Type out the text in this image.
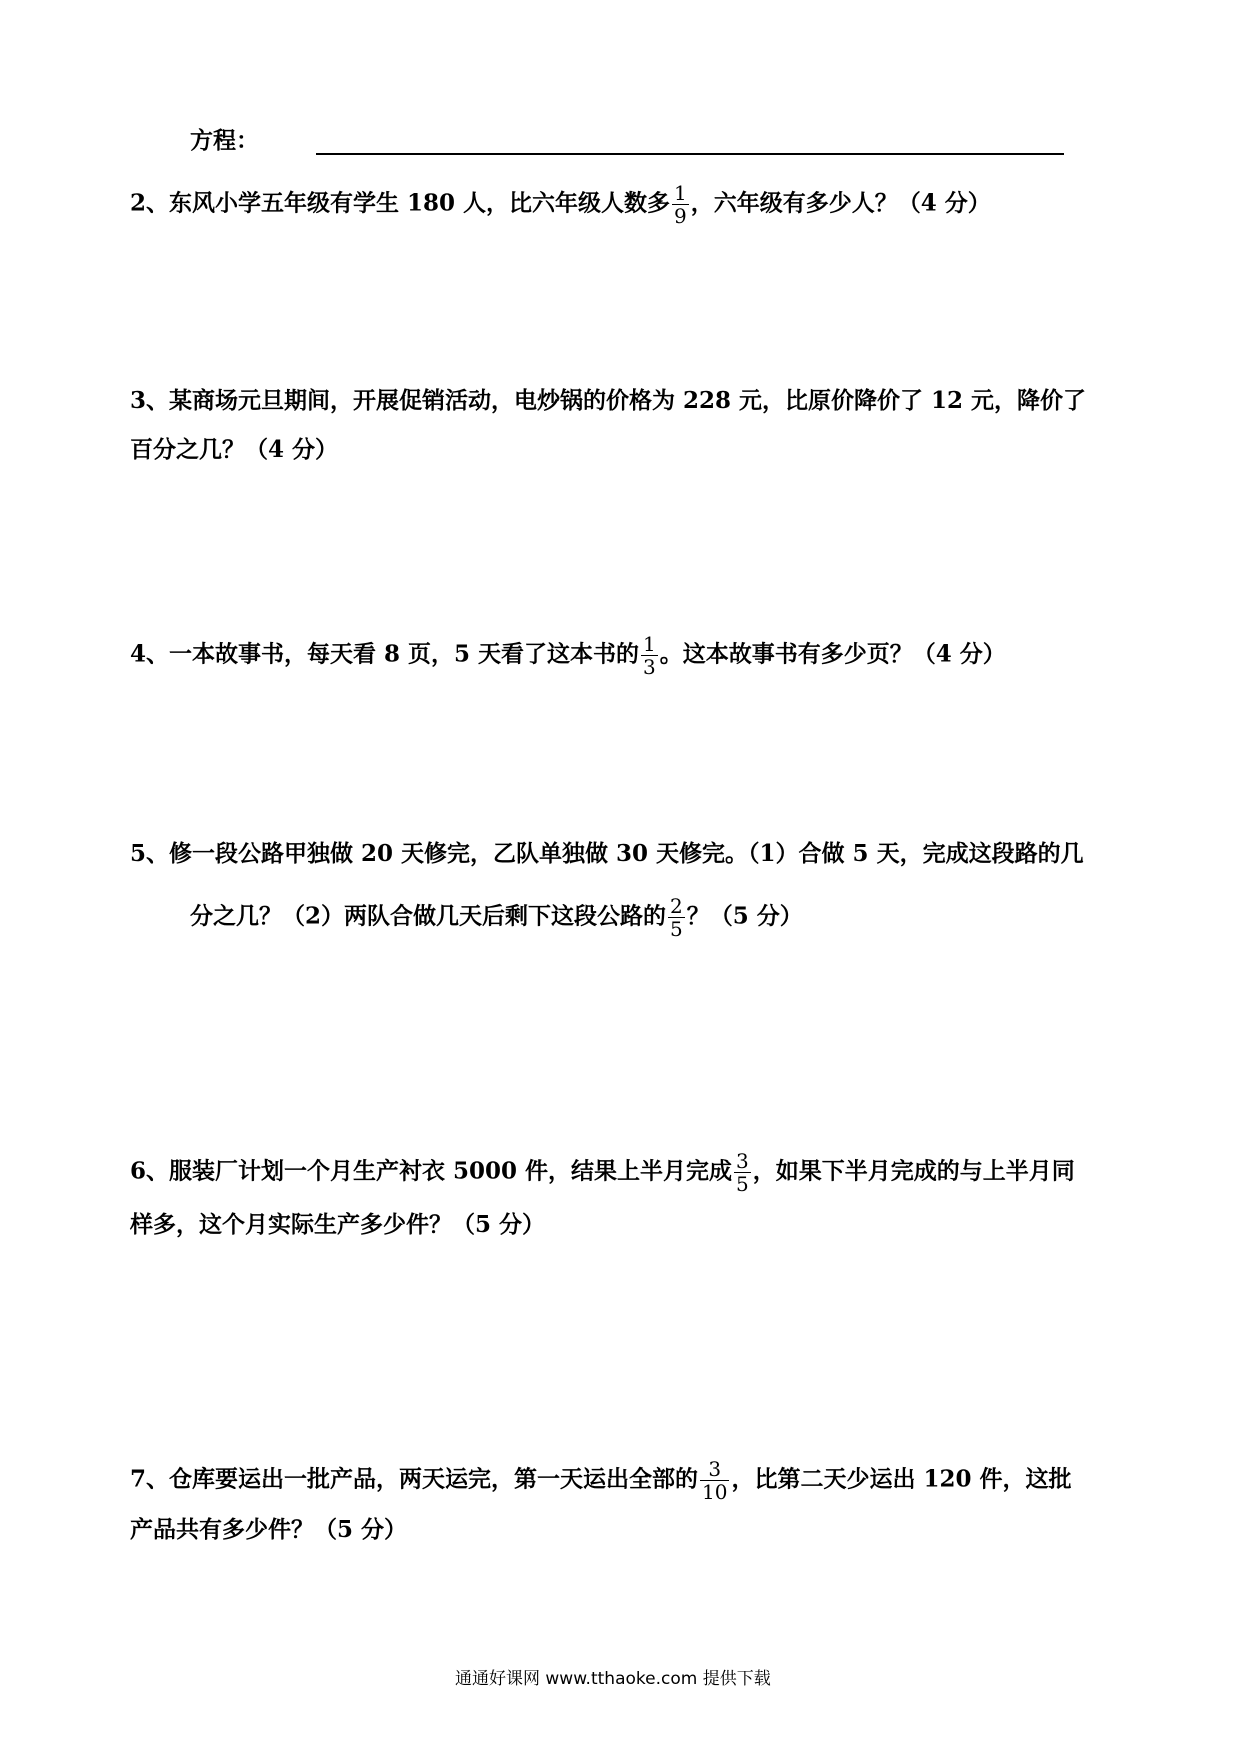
方程：
2、东风小学五年级有学生 180 人，比六年级人数多 $\frac{1}{9}$ ，六年级有多少人？（4 分）
3、某商场元旦期间，开展促销活动，电炒锅的价格为 228 元，比原价降价了 12 元，降价了
百分之几？（4 分）
4、一本故事书，每天看 8 页，5 天看了这本书的 $\frac{1}{3}$ 。这本故事书有多少页？（4 分）
5、修一段公路甲独做 20 天修完，乙队单独做 30 天修完。（1）合做 5 天，完成这段路的几
分之几？（2）两队合做几天后剩下这段公路的 $\frac{2}{5}$ ？（5 分）
6、服装厂计划一个月生产衬衣 5000 件，结果上半月完成 $\frac{3}{5}$ ，如果下半月完成的与上半月同
样多，这个月实际生产多少件？（5 分）
7、仓库要运出一批产品，两天运完，第一天运出全部的 $\frac{3}{10}$ ，比第二天少运出 120 件，这批
产品共有多少件？（5 分）
通通好课网 www.tthaoke.com 提供下载
